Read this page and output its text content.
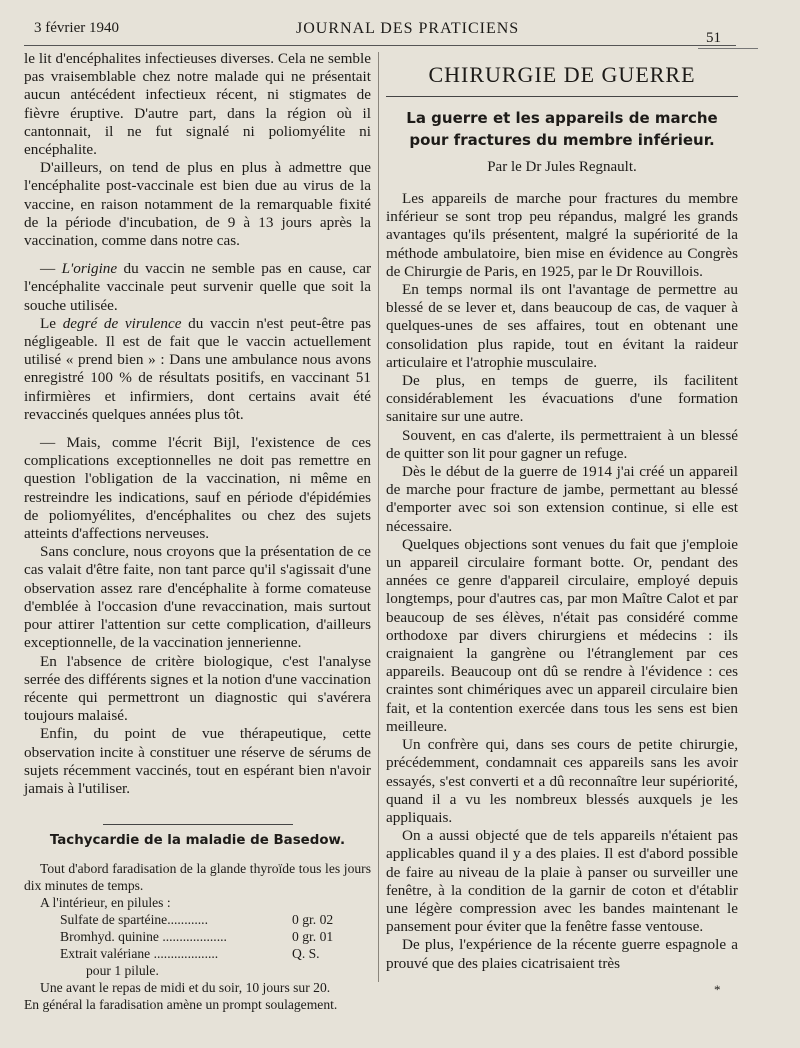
3 février 1940	JOURNAL DES PRATICIENS
51

le lit d'encéphalites infectieuses diverses. Cela ne semble pas vraisemblable chez notre malade qui ne présentait aucun antécédent infectieux récent, ni stigmates de fièvre éruptive. D'autre part, dans la région où il cantonnait, il ne fut signalé ni poliomyélite ni encéphalite.

D'ailleurs, on tend de plus en plus à admettre que l'encéphalite post-vaccinale est bien due au virus de la vaccine, en raison notamment de la remarquable fixité de la période d'incubation, de 9 à 13 jours après la vaccination, comme dans notre cas.

— L'origine du vaccin ne semble pas en cause, car l'encéphalite vaccinale peut survenir quelle que soit la souche utilisée.

Le degré de virulence du vaccin n'est peut-être pas négligeable. Il est de fait que le vaccin actuellement utilisé « prend bien » : Dans une ambulance nous avons enregistré 100 % de résultats positifs, en vaccinant 51 infirmières et infirmiers, dont certains avait été revaccinés quelques années plus tôt.

— Mais, comme l'écrit Bijl, l'existence de ces complications exceptionnelles ne doit pas remettre en question l'obligation de la vaccination, ni même en restreindre les indications, sauf en période d'épidémies de poliomyélites, d'encéphalites ou chez des sujets atteints d'affections nerveuses.

Sans conclure, nous croyons que la présentation de ce cas valait d'être faite, non tant parce qu'il s'agissait d'une observation assez rare d'encéphalite à forme comateuse d'emblée à l'occasion d'une revaccination, mais surtout pour attirer l'attention sur cette complication, d'ailleurs exceptionnelle, de la vaccination jennerienne.

En l'absence de critère biologique, c'est l'analyse serrée des différents signes et la notion d'une vaccination récente qui permettront un diagnostic qui s'avérera toujours malaisé.

Enfin, du point de vue thérapeutique, cette observation incite à constituer une réserve de sérums de sujets récemment vaccinés, tout en espérant bien n'avoir jamais à l'utiliser.

Tachycardie de la maladie de Basedow.

Tout d'abord faradisation de la glande thyroïde tous les jours dix minutes de temps.

A l'intérieur, en pilules :

Sulfate de spartéine............	0 gr. 02
Bromhyd. quinine ...................	0 gr. 01
Extrait valériane ...................	Q. S.
pour 1 pilule.

Une avant le repas de midi et du soir, 10 jours sur 20.

En général la faradisation amène un prompt soulagement.

CHIRURGIE DE GUERRE
La guerre et les appareils de marche pour fractures du membre inférieur.
Par le Dr Jules Regnault.

Les appareils de marche pour fractures du membre inférieur se sont trop peu répandus, malgré les grands avantages qu'ils présentent, malgré la supériorité de la méthode ambulatoire, bien mise en évidence au Congrès de Chirurgie de Paris, en 1925, par le Dr Rouvillois.

En temps normal ils ont l'avantage de permettre au blessé de se lever et, dans beaucoup de cas, de vaquer à quelques-unes de ses affaires, tout en obtenant une consolidation plus rapide, tout en évitant la raideur articulaire et l'atrophie musculaire.

De plus, en temps de guerre, ils facilitent considérablement les évacuations d'une formation sanitaire sur une autre.

Souvent, en cas d'alerte, ils permettraient à un blessé de quitter son lit pour gagner un refuge.

Dès le début de la guerre de 1914 j'ai créé un appareil de marche pour fracture de jambe, permettant au blessé d'emporter avec soi son extension continue, si elle est nécessaire.

Quelques objections sont venues du fait que j'emploie un appareil circulaire formant botte. Or, pendant des années ce genre d'appareil circulaire, employé depuis longtemps, pour d'autres cas, par mon Maître Calot et par beaucoup de ses élèves, n'était pas considéré comme orthodoxe par divers chirurgiens et médecins : ils craignaient la gangrène ou l'étranglement par ces appareils. Beaucoup ont dû se rendre à l'évidence : ces craintes sont chimériques avec un appareil circulaire bien fait, et la contention exercée dans tous les sens est bien meilleure.

Un confrère qui, dans ses cours de petite chirurgie, précédemment, condamnait ces appareils sans les avoir essayés, s'est converti et a dû reconnaître leur supériorité, quand il a vu les nombreux blessés auxquels je les appliquais.

On a aussi objecté que de tels appareils n'étaient pas applicables quand il y a des plaies. Il est d'abord possible de faire au niveau de la plaie à panser ou surveiller une fenêtre, à la condition de la garnir de coton et d'établir une légère compression avec les bandes maintenant le pansement pour éviter que la fenêtre fasse ventouse.

De plus, l'expérience de la récente guerre espagnole a prouvé que des plaies cicatrisaient très

*
